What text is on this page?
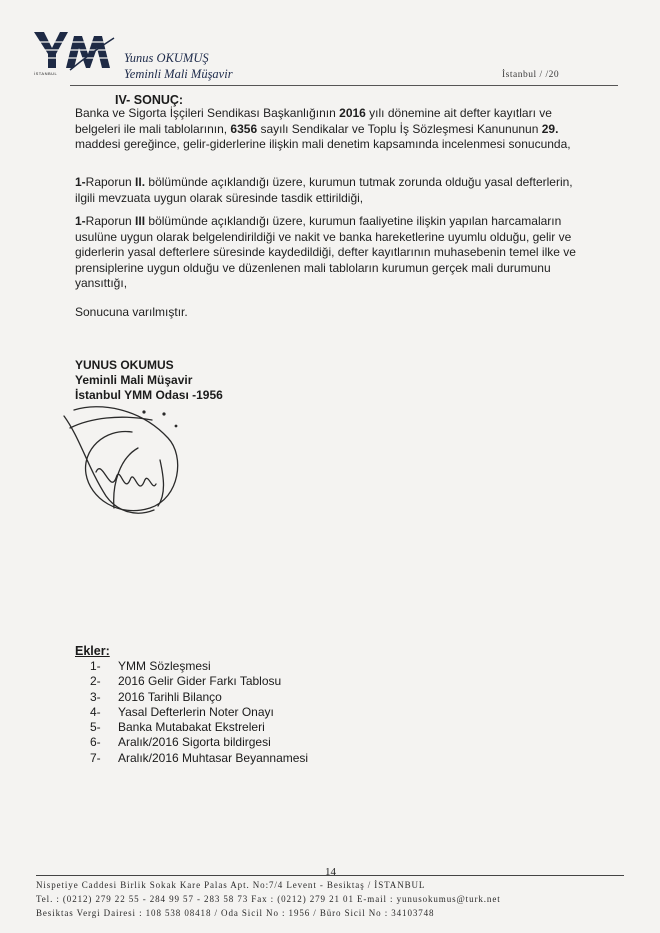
İSTANBUL
Yunus OKUMUŞ
Yeminli Mali Müşavir	İstanbul / /20

IV- SONUÇ:

Banka ve Sigorta İşçileri Sendikası Başkanlığının 2016 yılı dönemine ait defter kayıtları ve belgeleri ile mali tablolarının, 6356 sayılı Sendikalar ve Toplu İş Sözleşmesi Kanununun 29. maddesi gereğince, gelir-giderlerine ilişkin mali denetim kapsamında incelenmesi sonucunda,

1-Raporun II. bölümünde açıklandığı üzere, kurumun tutmak zorunda olduğu yasal defterlerin, ilgili mevzuata uygun olarak süresinde tasdik ettirildiği,

1-Raporun III bölümünde açıklandığı üzere, kurumun faaliyetine ilişkin yapılan harcamaların usulüne uygun olarak belgelendirildiği ve nakit ve banka hareketlerine uyumlu olduğu, gelir ve giderlerin yasal defterlere süresinde kaydedildiği, defter kayıtlarının muhasebenin temel ilke ve prensiplerine uygun olduğu ve düzenlenen mali tabloların kurumun gerçek mali durumunu yansıttığı,

Sonucuna varılmıştır.

YUNUS OKUMUS

Yeminli Mali Müşavir

İstanbul YMM Odası -1956

Ekler:

1- YMM Sözleşmesi
2- 2016 Gelir Gider Farkı Tablosu
3- 2016 Tarihli Bilanço
4- Yasal Defterlerin Noter Onayı
5- Banka Mutabakat Ekstreleri
6- Aralık/2016 Sigorta bildirgesi
7- Aralık/2016 Muhtasar Beyannamesi
14
Nispetiye Caddesi Birlik Sokak Kare Palas Apt. No:7/4 Levent - Besiktaş / İSTANBUL
Tel. : (0212) 279 22 55 - 284 99 57 - 283 58 73 Fax : (0212) 279 21 01 E-mail : yunusokumus@turk.net
Besiktas Vergi Dairesi : 108 538 08418 / Oda Sicil No : 1956 / Büro Sicil No : 34103748
